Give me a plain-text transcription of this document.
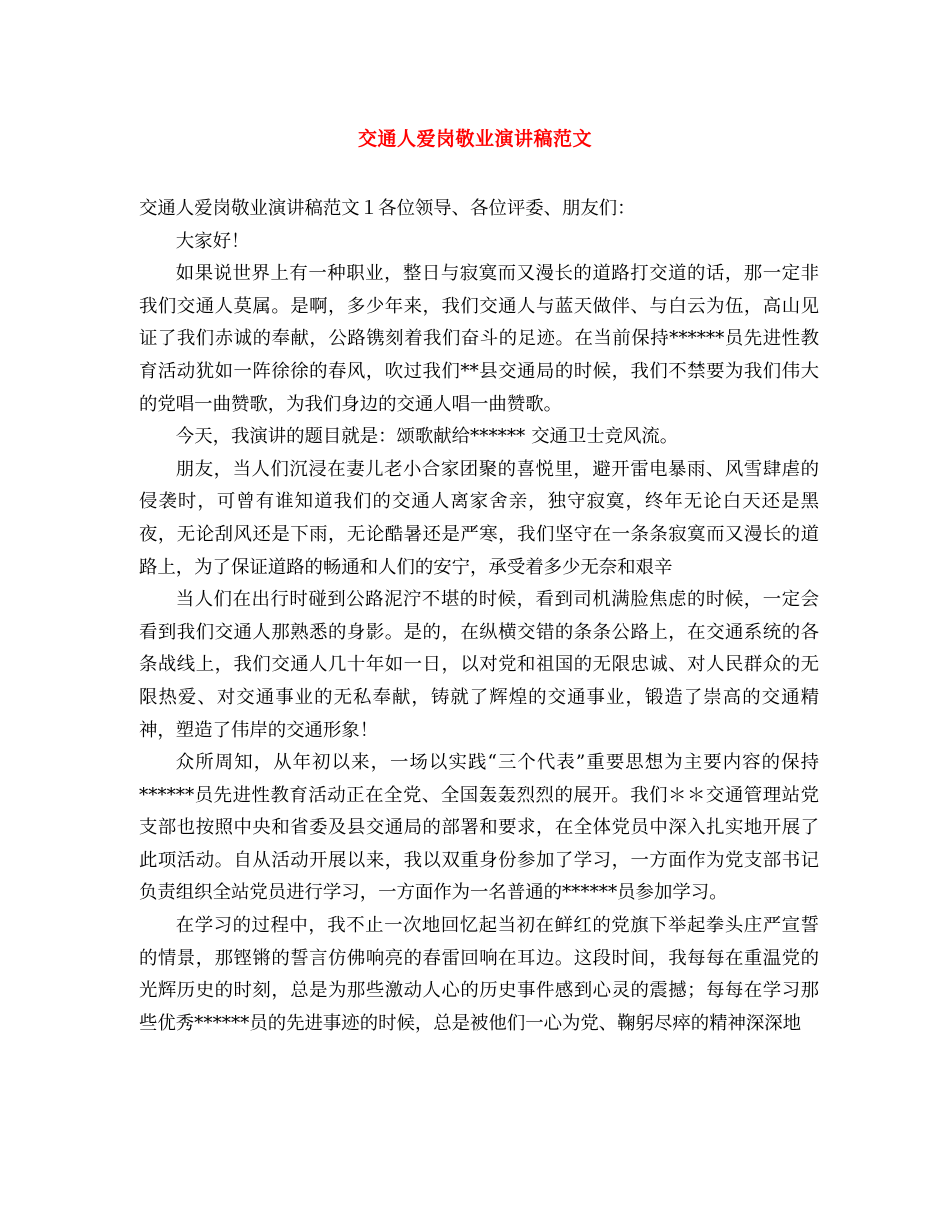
交通人爱岗敬业演讲稿范文

交通人爱岗敬业演讲稿范文１各位领导、各位评委、朋友们：

大家好！

如果说世界上有一种职业，整日与寂寞而又漫长的道路打交道的话，那一定非我们交通人莫属。是啊，多少年来，我们交通人与蓝天做伴、与白云为伍，高山见证了我们赤诚的奉献，公路镌刻着我们奋斗的足迹。在当前保持******员先进性教育活动犹如一阵徐徐的春风，吹过我们**县交通局的时候，我们不禁要为我们伟大的党唱一曲赞歌，为我们身边的交通人唱一曲赞歌。

今天，我演讲的题目就是：颂歌献给****** 交通卫士竞风流。

朋友，当人们沉浸在妻儿老小合家团聚的喜悦里，避开雷电暴雨、风雪肆虐的侵袭时，可曾有谁知道我们的交通人离家舍亲，独守寂寞，终年无论白天还是黑夜，无论刮风还是下雨，无论酷暑还是严寒，我们坚守在一条条寂寞而又漫长的道路上，为了保证道路的畅通和人们的安宁，承受着多少无奈和艰辛

当人们在出行时碰到公路泥泞不堪的时候，看到司机满脸焦虑的时候，一定会看到我们交通人那熟悉的身影。是的，在纵横交错的条条公路上，在交通系统的各条战线上，我们交通人几十年如一日，以对党和祖国的无限忠诚、对人民群众的无限热爱、对交通事业的无私奉献，铸就了辉煌的交通事业，锻造了崇高的交通精神，塑造了伟岸的交通形象！

众所周知，从年初以来，一场以实践“三个代表”重要思想为主要内容的保持******员先进性教育活动正在全党、全国轰轰烈烈的展开。我们＊＊交通管理站党支部也按照中央和省委及县交通局的部署和要求，在全体党员中深入扎实地开展了此项活动。自从活动开展以来，我以双重身份参加了学习，一方面作为党支部书记负责组织全站党员进行学习，一方面作为一名普通的******员参加学习。

在学习的过程中，我不止一次地回忆起当初在鲜红的党旗下举起拳头庄严宣誓的情景，那铿锵的誓言仿佛响亮的春雷回响在耳边。这段时间，我每每在重温党的光辉历史的时刻，总是为那些激动人心的历史事件感到心灵的震撼；每每在学习那些优秀******员的先进事迹的时候，总是被他们一心为党、鞠躬尽瘁的精神深深地
